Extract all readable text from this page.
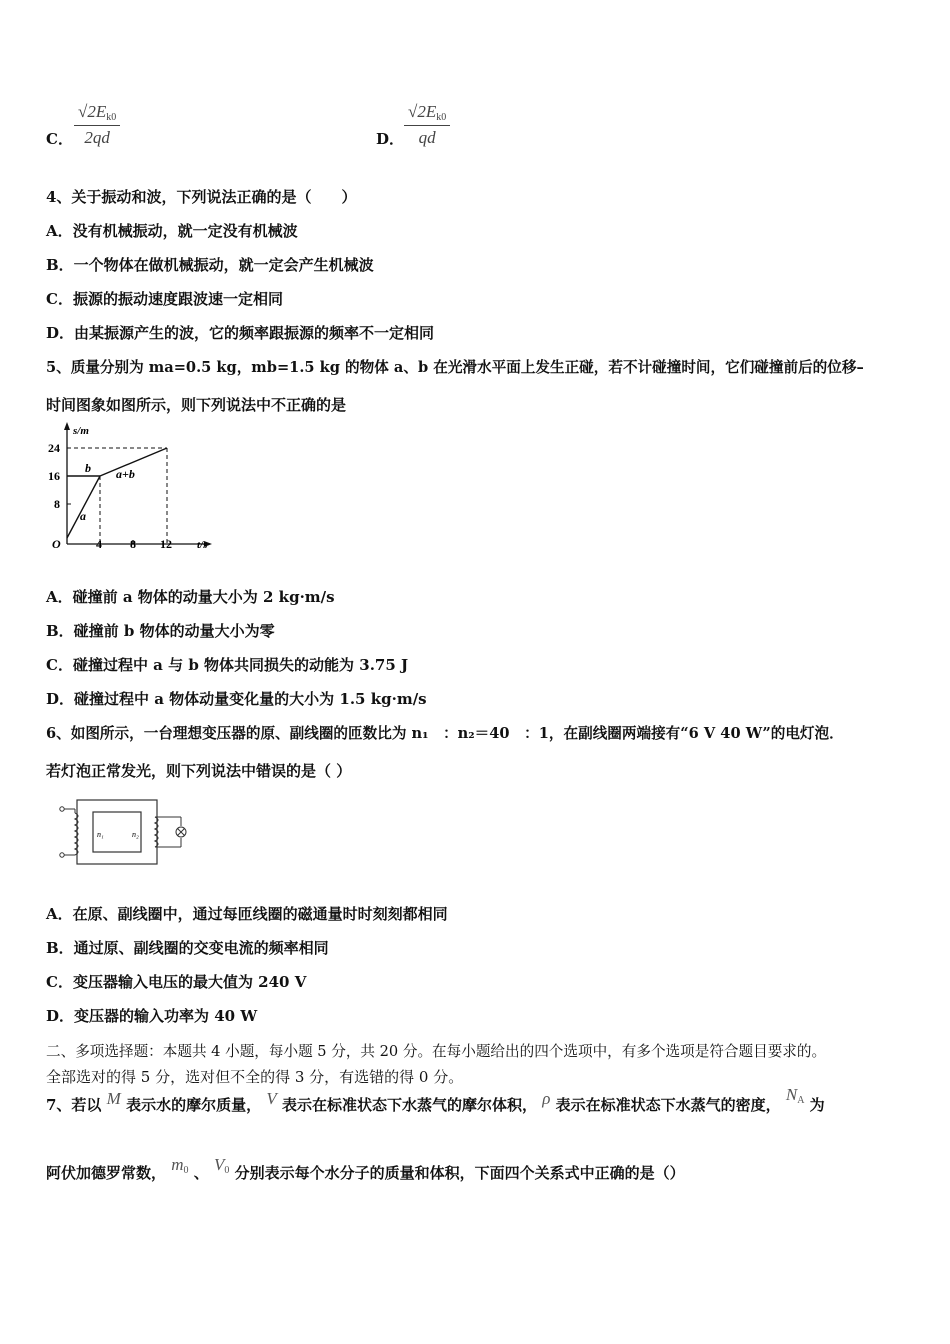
C． $\frac{√2E_{k0}}{2qd}$	D． $\frac{√2E_{k0}}{qd}$
4、关于振动和波，下列说法正确的是（　　）
A．没有机械振动，就一定没有机械波
B．一个物体在做机械振动，就一定会产生机械波
C．振源的振动速度跟波速一定相同
D．由某振源产生的波，它的频率跟振源的频率不一定相同
5、质量分别为 ma=0.5 kg，mb=1.5 kg 的物体 a、b 在光滑水平面上发生正碰，若不计碰撞时间，它们碰撞前后的位移–
时间图象如图所示，则下列说法中不正确的是
s/m
t/s
O
24
16
8
4 8 12
a
b a+b
A．碰撞前 a 物体的动量大小为 2 kg·m/s
B．碰撞前 b 物体的动量大小为零
C．碰撞过程中 a 与 b 物体共同损失的动能为 3.75 J
D．碰撞过程中 a 物体动量变化量的大小为 1.5 kg·m/s
6、如图所示，一台理想变压器的原、副线圈的匝数比为 n₁　：n₂＝40　：1，在副线圈两端接有“6 V 40 W”的电灯泡．
若灯泡正常发光，则下列说法中错误的是（ ）
n₁	n₂
A．在原、副线圈中，通过每匝线圈的磁通量时时刻刻都相同
B．通过原、副线圈的交变电流的频率相同
C．变压器输入电压的最大值为 240 V
D．变压器的输入功率为 40 W
二、多项选择题：本题共 4 小题，每小题 5 分，共 20 分。在每小题给出的四个选项中，有多个选项是符合题目要求的。
全部选对的得 5 分，选对但不全的得 3 分，有选错的得 0 分。
7、若以 M 表示水的摩尔质量， V 表示在标准状态下水蒸气的摩尔体积， ρ 表示在标准状态下水蒸气的密度， $N_A$ 为
阿伏加德罗常数， $m_0$ 、 $V_0$ 分别表示每个水分子的质量和体积，下面四个关系式中正确的是（）
